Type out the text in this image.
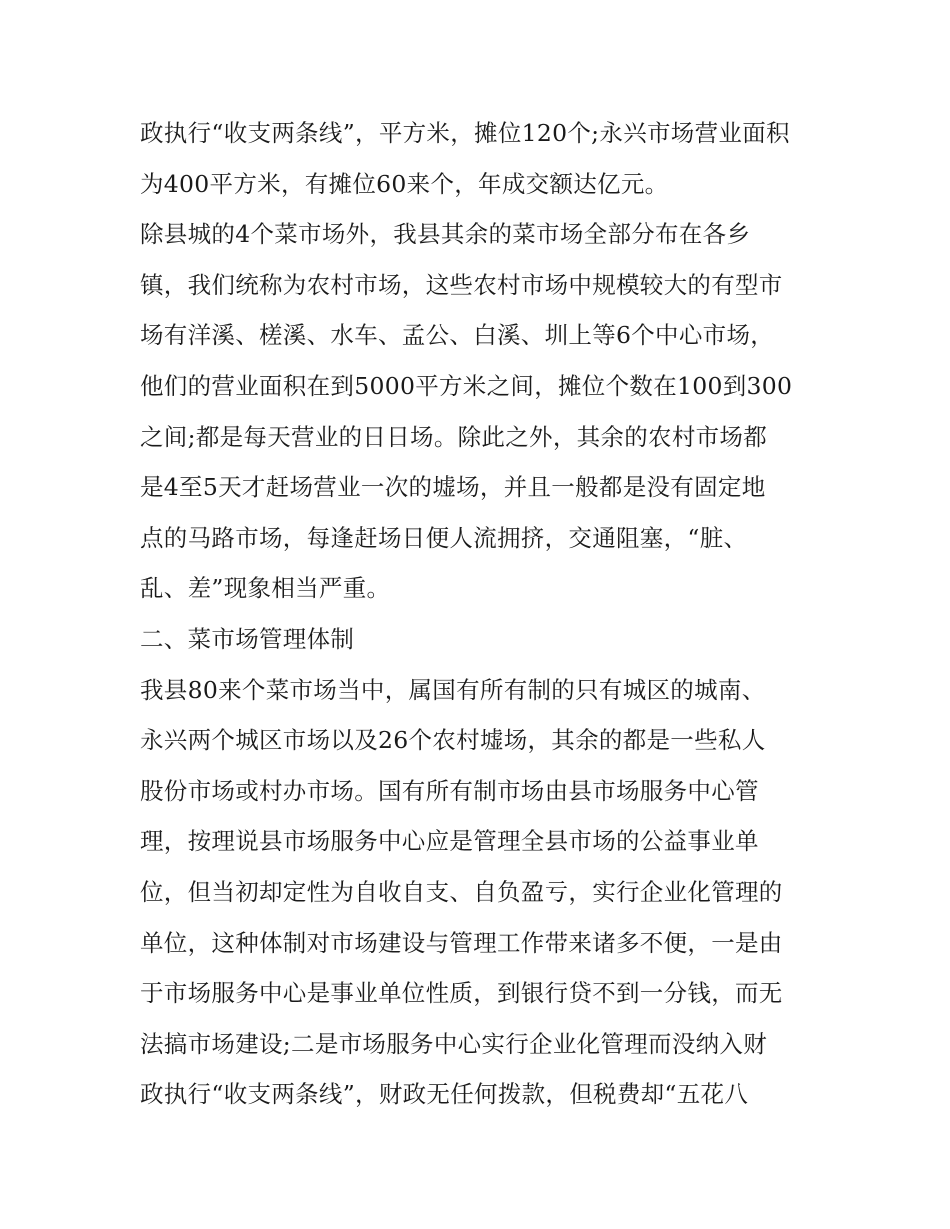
政执行“收支两条线”，平方米，摊位120个;永兴市场营业面积
为400平方米，有摊位60来个，年成交额达亿元。
除县城的4个菜市场外，我县其余的菜市场全部分布在各乡
镇，我们统称为农村市场，这些农村市场中规模较大的有型市
场有洋溪、槎溪、水车、孟公、白溪、圳上等6个中心市场，
他们的营业面积在到5000平方米之间，摊位个数在100到300
之间;都是每天营业的日日场。除此之外，其余的农村市场都
是4至5天才赶场营业一次的墟场，并且一般都是没有固定地
点的马路市场，每逢赶场日便人流拥挤，交通阻塞，“脏、
乱、差”现象相当严重。
二、菜市场管理体制
我县80来个菜市场当中，属国有所有制的只有城区的城南、
永兴两个城区市场以及26个农村墟场，其余的都是一些私人
股份市场或村办市场。国有所有制市场由县市场服务中心管
理，按理说县市场服务中心应是管理全县市场的公益事业单
位，但当初却定性为自收自支、自负盈亏，实行企业化管理的
单位，这种体制对市场建设与管理工作带来诸多不便，一是由
于市场服务中心是事业单位性质，到银行贷不到一分钱，而无
法搞市场建设;二是市场服务中心实行企业化管理而没纳入财
政执行“收支两条线”，财政无任何拨款，但税费却“五花八
